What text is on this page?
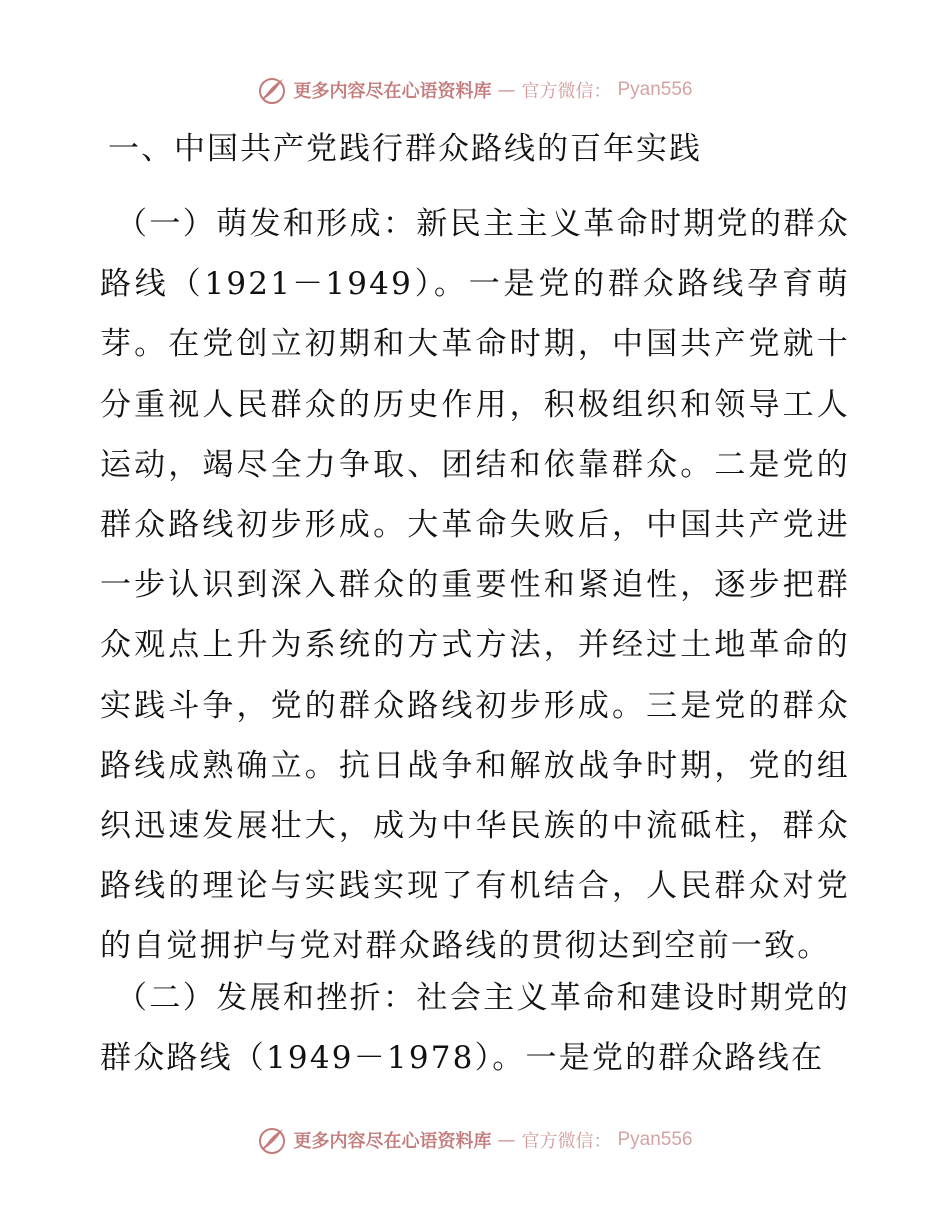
更多内容尽在心语资料库 — 官方微信： Pyan556
一、中国共产党践行群众路线的百年实践

（一）萌发和形成：新民主主义革命时期党的群众路线（1921－1949）。一是党的群众路线孕育萌芽。在党创立初期和大革命时期，中国共产党就十分重视人民群众的历史作用，积极组织和领导工人运动，竭尽全力争取、团结和依靠群众。二是党的群众路线初步形成。大革命失败后，中国共产党进一步认识到深入群众的重要性和紧迫性，逐步把群众观点上升为系统的方式方法，并经过土地革命的实践斗争，党的群众路线初步形成。三是党的群众路线成熟确立。抗日战争和解放战争时期，党的组织迅速发展壮大，成为中华民族的中流砥柱，群众路线的理论与实践实现了有机结合，人民群众对党的自觉拥护与党对群众路线的贯彻达到空前一致。

（二）发展和挫折：社会主义革命和建设时期党的群众路线（1949－1978）。一是党的群众路线在

更多内容尽在心语资料库 — 官方微信： Pyan556
